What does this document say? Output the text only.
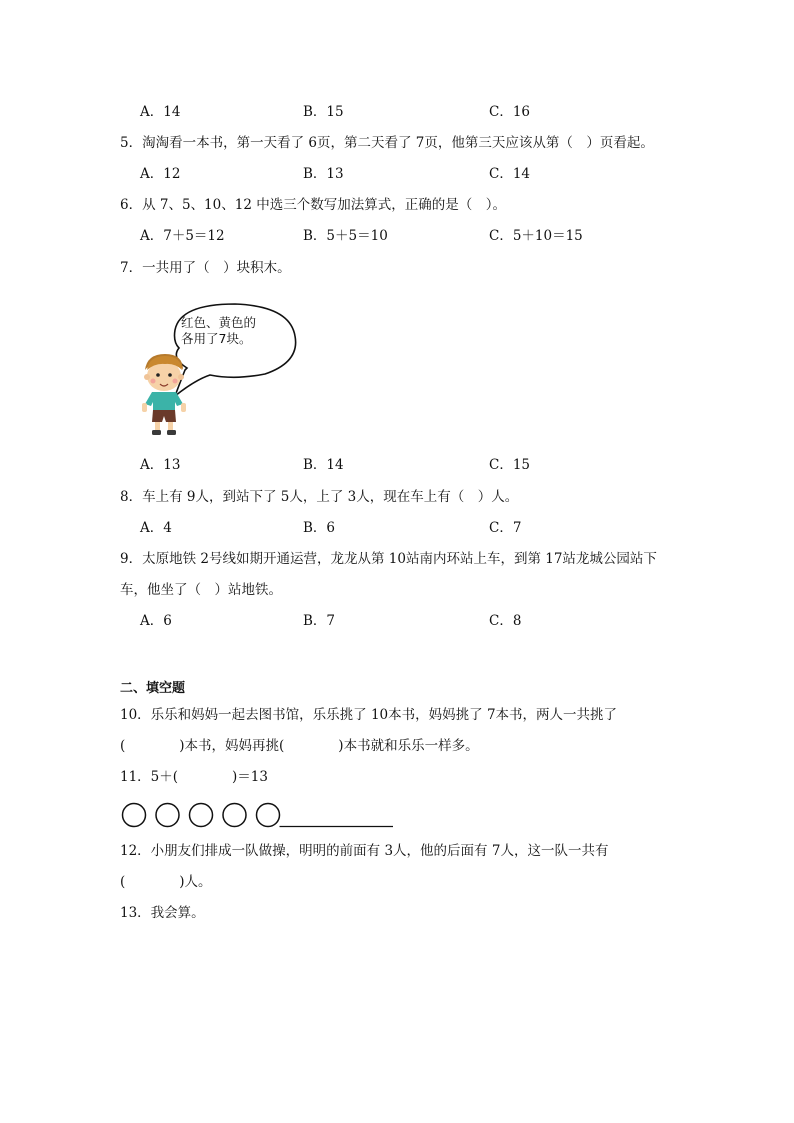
A．14	B．15	C．16
5．淘淘看一本书，第一天看了 6页，第二天看了 7页，他第三天应该从第（　）页看起。
A．12	B．13	C．14
6．从 7、5、10、12 中选三个数写加法算式，正确的是（　）。
A．7＋5＝12	B．5＋5＝10	C．5＋10＝15
7．一共用了（　）块积木。
红色、黄色的
各用了7块。
A．13	B．14	C．15
8．车上有 9人，到站下了 5人，上了 3人，现在车上有（　）人。
A．4	B．6	C．7
9．太原地铁 2号线如期开通运营，龙龙从第 10站南内环站上车，到第 17站龙城公园站下
车，他坐了（　）站地铁。
A．6	B．7	C．8
二、填空题
10．乐乐和妈妈一起去图书馆，乐乐挑了 10本书，妈妈挑了 7本书，两人一共挑了
(　　　　)本书，妈妈再挑(　　　　)本书就和乐乐一样多。
11．5＋(　　　　)＝13
12．小朋友们排成一队做操，明明的前面有 3人，他的后面有 7人，这一队一共有
(　　　　)人。
13．我会算。
